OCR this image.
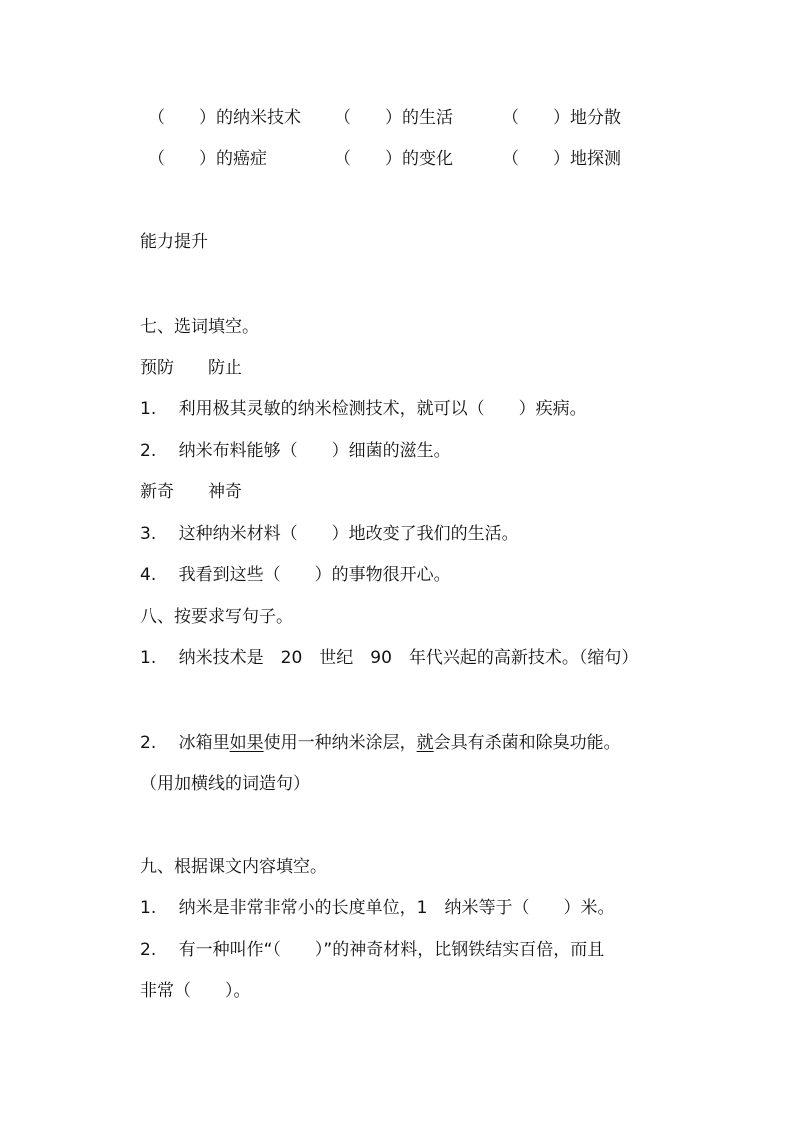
（　　）的纳米技术 （　　）的生活	（　　）地分散
（　　）的癌症	（　　）的变化	（　　）地探测
能力提升
七、选词填空。
预防　　防止
1.　 利用极其灵敏的纳米检测技术，就可以（　　）疾病。
2.　 纳米布料能够（　　）细菌的滋生。
新奇　　神奇
3.　 这种纳米材料（　　）地改变了我们的生活。
4.　 我看到这些（　　）的事物很开心。
八、按要求写句子。
1.　 纳米技术是　20　世纪　90　年代兴起的高新技术。（缩句）
2.　 冰箱里如果使用一种纳米涂层，就会具有杀菌和除臭功能。
（用加横线的词造句）
九、根据课文内容填空。
1.　 纳米是非常非常小的长度单位，1　纳米等于（　　）米。
2.　 有一种叫作“（　　）”的神奇材料，比钢铁结实百倍，而且
非常（　　）。
